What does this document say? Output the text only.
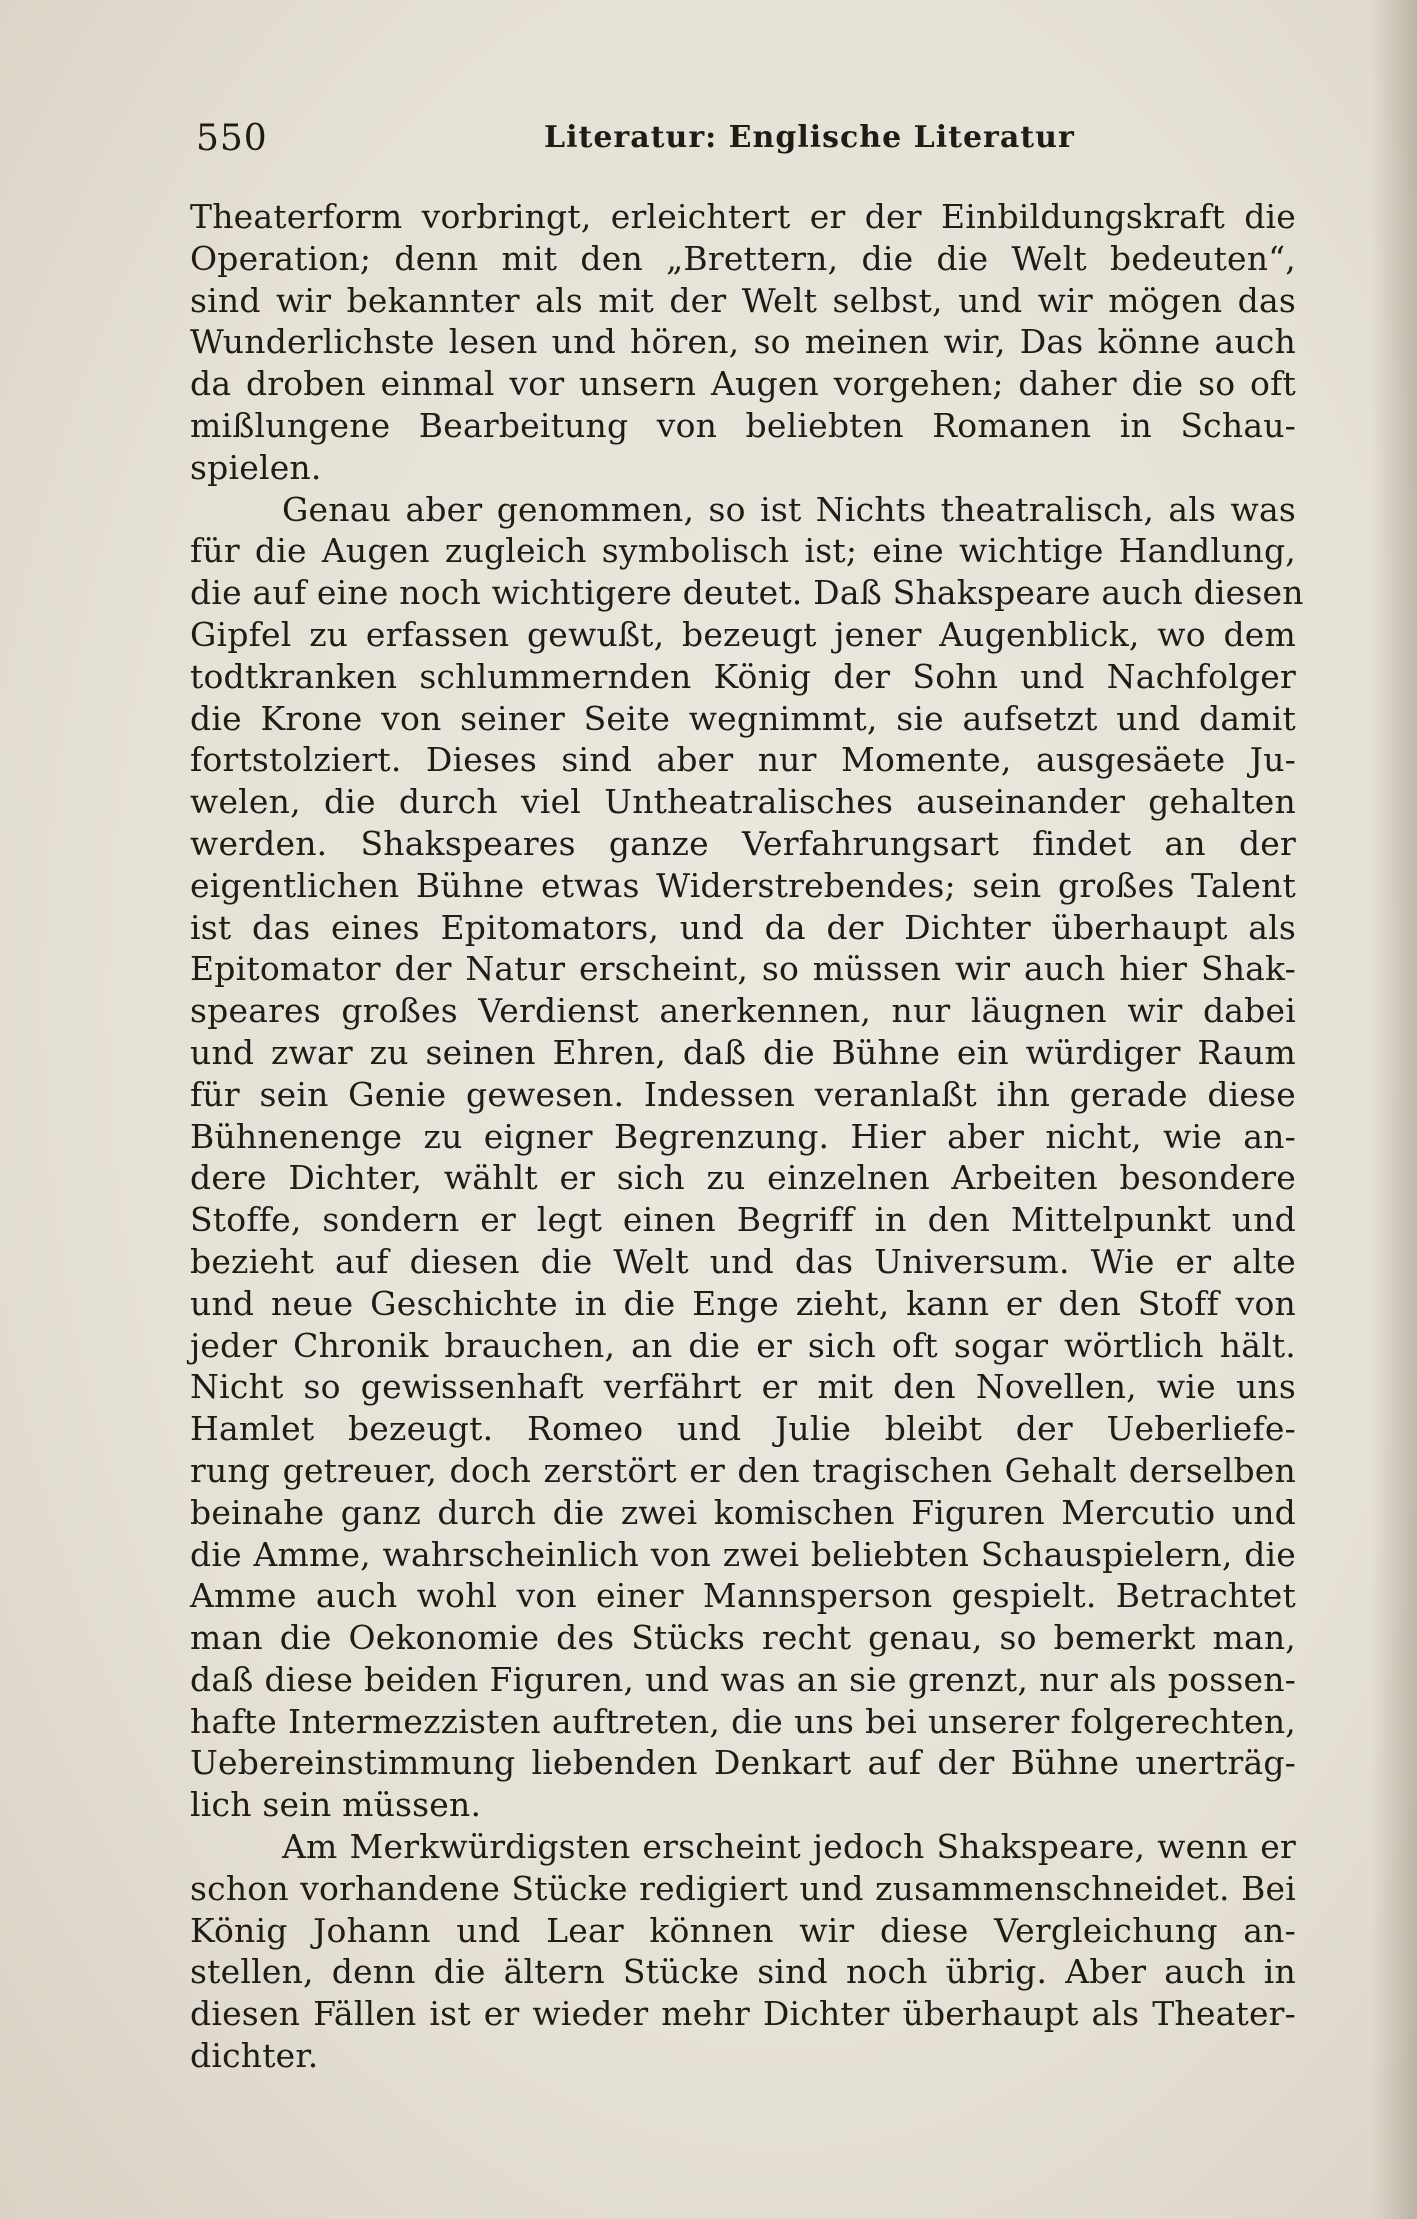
550	Literatur: Englische Literatur
Theaterform vorbringt, erleichtert er der Einbildungskraft die
Operation; denn mit den „Brettern, die die Welt bedeuten“,
sind wir bekannter als mit der Welt selbst, und wir mögen das
Wunderlichste lesen und hören, so meinen wir, Das könne auch
da droben einmal vor unsern Augen vorgehen; daher die so oft
mißlungene Bearbeitung von beliebten Romanen in Schau-
spielen.
Genau aber genommen, so ist Nichts theatralisch, als was
für die Augen zugleich symbolisch ist; eine wichtige Handlung,
die auf eine noch wichtigere deutet. Daß Shakspeare auch diesen
Gipfel zu erfassen gewußt, bezeugt jener Augenblick, wo dem
todtkranken schlummernden König der Sohn und Nachfolger
die Krone von seiner Seite wegnimmt, sie aufsetzt und damit
fortstolziert. Dieses sind aber nur Momente, ausgesäete Ju-
welen, die durch viel Untheatralisches auseinander gehalten
werden. Shakspeares ganze Verfahrungsart findet an der
eigentlichen Bühne etwas Widerstrebendes; sein großes Talent
ist das eines Epitomators, und da der Dichter überhaupt als
Epitomator der Natur erscheint, so müssen wir auch hier Shak-
speares großes Verdienst anerkennen, nur läugnen wir dabei
und zwar zu seinen Ehren, daß die Bühne ein würdiger Raum
für sein Genie gewesen. Indessen veranlaßt ihn gerade diese
Bühnenenge zu eigner Begrenzung. Hier aber nicht, wie an-
dere Dichter, wählt er sich zu einzelnen Arbeiten besondere
Stoffe, sondern er legt einen Begriff in den Mittelpunkt und
bezieht auf diesen die Welt und das Universum. Wie er alte
und neue Geschichte in die Enge zieht, kann er den Stoff von
jeder Chronik brauchen, an die er sich oft sogar wörtlich hält.
Nicht so gewissenhaft verfährt er mit den Novellen, wie uns
Hamlet bezeugt. Romeo und Julie bleibt der Ueberliefe-
rung getreuer, doch zerstört er den tragischen Gehalt derselben
beinahe ganz durch die zwei komischen Figuren Mercutio und
die Amme, wahrscheinlich von zwei beliebten Schauspielern, die
Amme auch wohl von einer Mannsperson gespielt. Betrachtet
man die Oekonomie des Stücks recht genau, so bemerkt man,
daß diese beiden Figuren, und was an sie grenzt, nur als possen-
hafte Intermezzisten auftreten, die uns bei unserer folgerechten,
Uebereinstimmung liebenden Denkart auf der Bühne unerträg-
lich sein müssen.
Am Merkwürdigsten erscheint jedoch Shakspeare, wenn er
schon vorhandene Stücke redigiert und zusammenschneidet. Bei
König Johann und Lear können wir diese Vergleichung an-
stellen, denn die ältern Stücke sind noch übrig. Aber auch in
diesen Fällen ist er wieder mehr Dichter überhaupt als Theater-
dichter.
